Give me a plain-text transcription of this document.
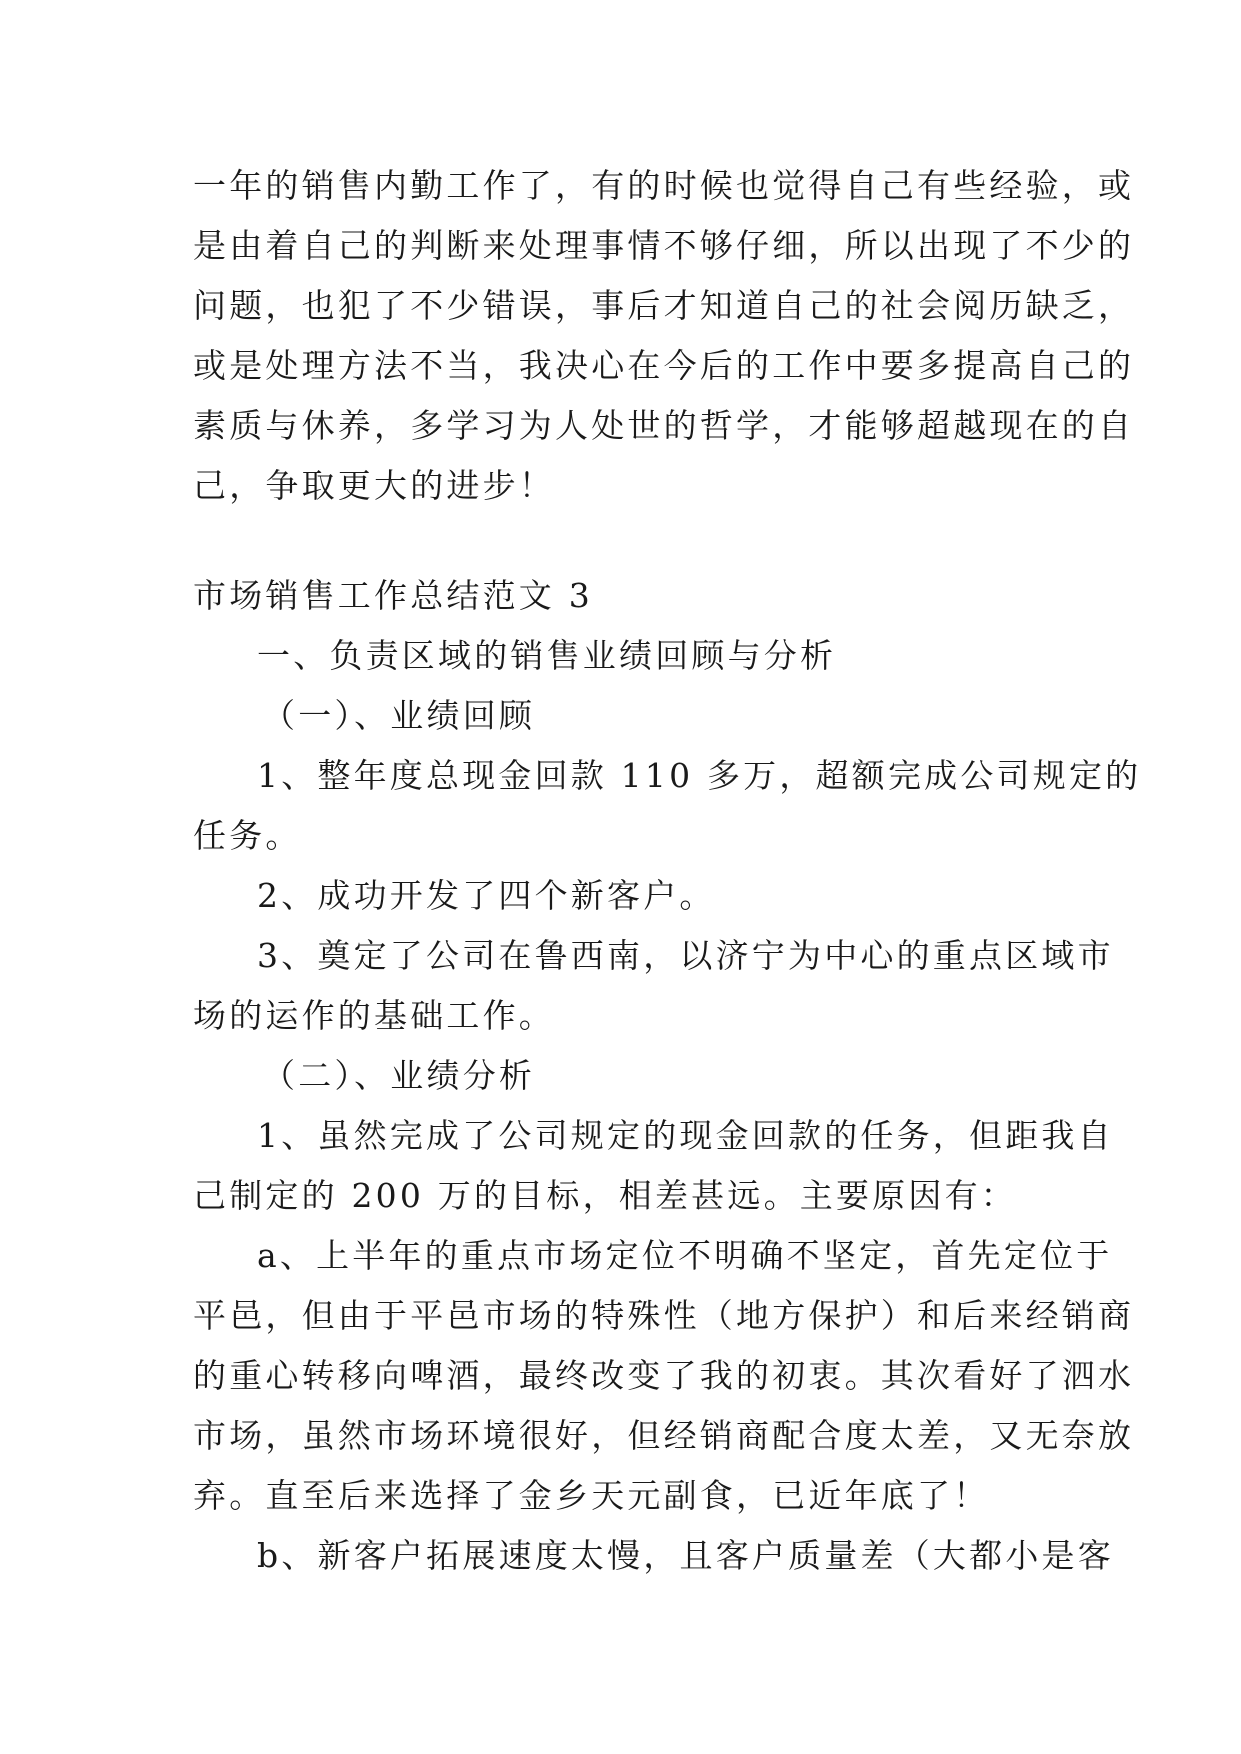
一年的销售内勤工作了，有的时候也觉得自己有些经验，或
是由着自己的判断来处理事情不够仔细，所以出现了不少的
问题，也犯了不少错误，事后才知道自己的社会阅历缺乏，
或是处理方法不当，我决心在今后的工作中要多提高自己的
素质与休养，多学习为人处世的哲学，才能够超越现在的自
己，争取更大的进步！
市场销售工作总结范文 3
一、负责区域的销售业绩回顾与分析
（一）、业绩回顾
1、整年度总现金回款 110 多万，超额完成公司规定的
任务。
2、成功开发了四个新客户。
3、奠定了公司在鲁西南，以济宁为中心的重点区域市
场的运作的基础工作。
（二）、业绩分析
1、虽然完成了公司规定的现金回款的任务，但距我自
己制定的 200 万的目标，相差甚远。主要原因有：
a、上半年的重点市场定位不明确不坚定，首先定位于
平邑，但由于平邑市场的特殊性（地方保护）和后来经销商
的重心转移向啤酒，最终改变了我的初衷。其次看好了泗水
市场，虽然市场环境很好，但经销商配合度太差，又无奈放
弃。直至后来选择了金乡天元副食，已近年底了！
b、新客户拓展速度太慢，且客户质量差（大都小是客
